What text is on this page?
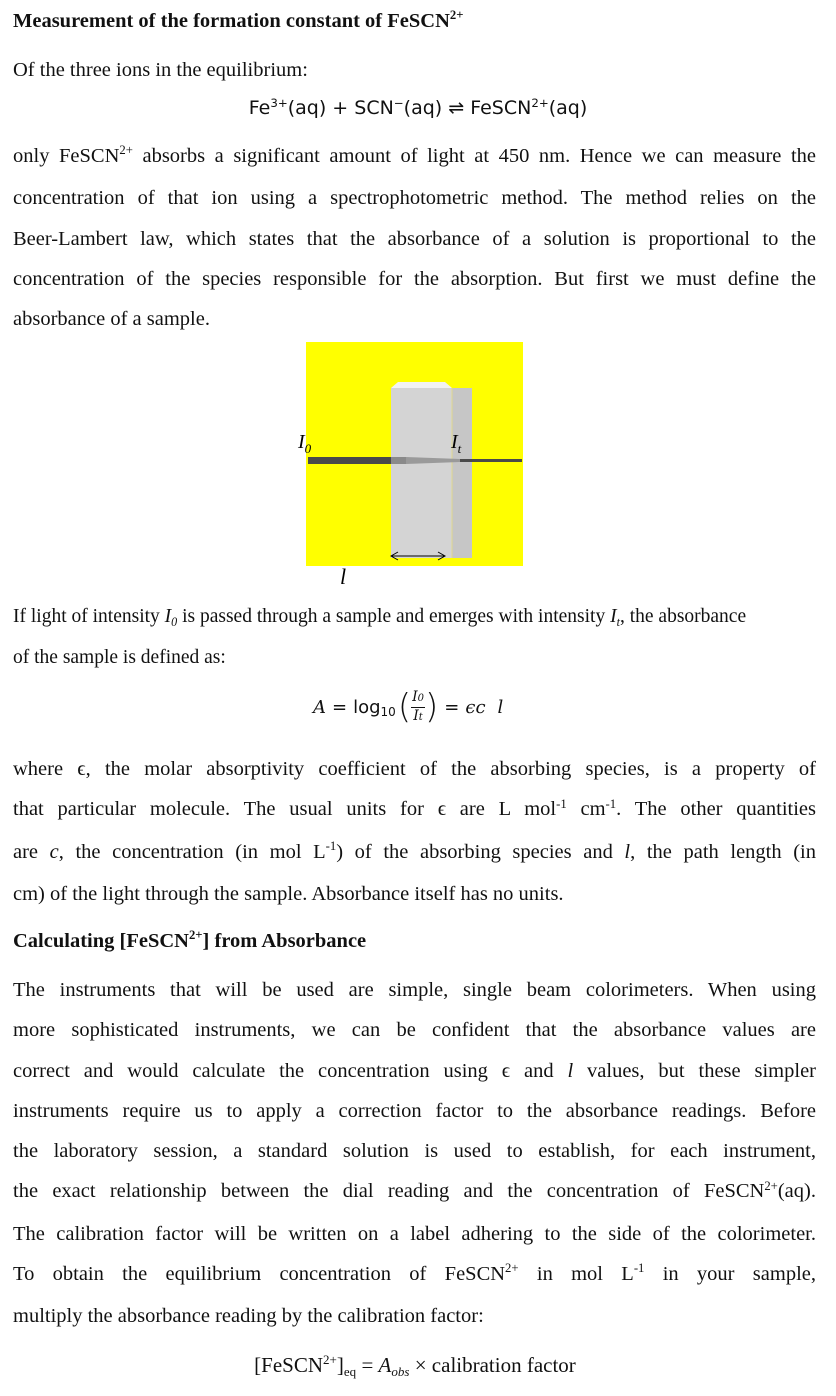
Measurement of the formation constant of FeSCN$^{2+}$
Of the three ions in the equilibrium:
$Fe^{3+}(aq) + SCN^-(aq)$ ⇌ FeSCN$^{2+}$(aq)
only FeSCN$^{2+}$ absorbs a significant amount of light at 450 nm. Hence we can measure the
concentration of that ion using a spectrophotometric method. The method relies on the
Beer-Lambert law, which states that the absorbance of a solution is proportional to the
concentration of the species responsible for the absorption. But first we must define the
absorbance of a sample.
$I_0$	$I_t$
l
If light of intensity $I_0$ is passed through a sample and emerges with intensity $I_t$, the absorbance
of the sample is defined as:
A = log 10 ( I0
It ) = ϵc l
where ϵ, the molar absorptivity coefficient of the absorbing species, is a property of
that particular molecule. The usual units for ϵ are L mol$^{-1}$ $cm^{-1}$. The other quantities
are c, the concentration (in mol $L^{-1}$) of the absorbing species and l, the path length (in
cm) of the light through the sample. Absorbance itself has no units.
Calculating [FeSCN$^{2+}$] from Absorbance
The instruments that will be used are simple, single beam colorimeters. When using
more sophisticated instruments, we can be confident that the absorbance values are
correct and would calculate the concentration using ϵ and l values, but these simpler
instruments require us to apply a correction factor to the absorbance readings. Before
the laboratory session, a standard solution is used to establish, for each instrument,
the exact relationship between the dial reading and the concentration of FeSCN$^{2+}$(aq).
The calibration factor will be written on a label adhering to the side of the colorimeter.
To obtain the equilibrium concentration of FeSCN$^{2+}$ in mol $L^{-1}$ in your sample,
multiply the absorbance reading by the calibration factor:
$[FeSCN^{2+}]_{eq} = A_{obs}$ × calibration factor
